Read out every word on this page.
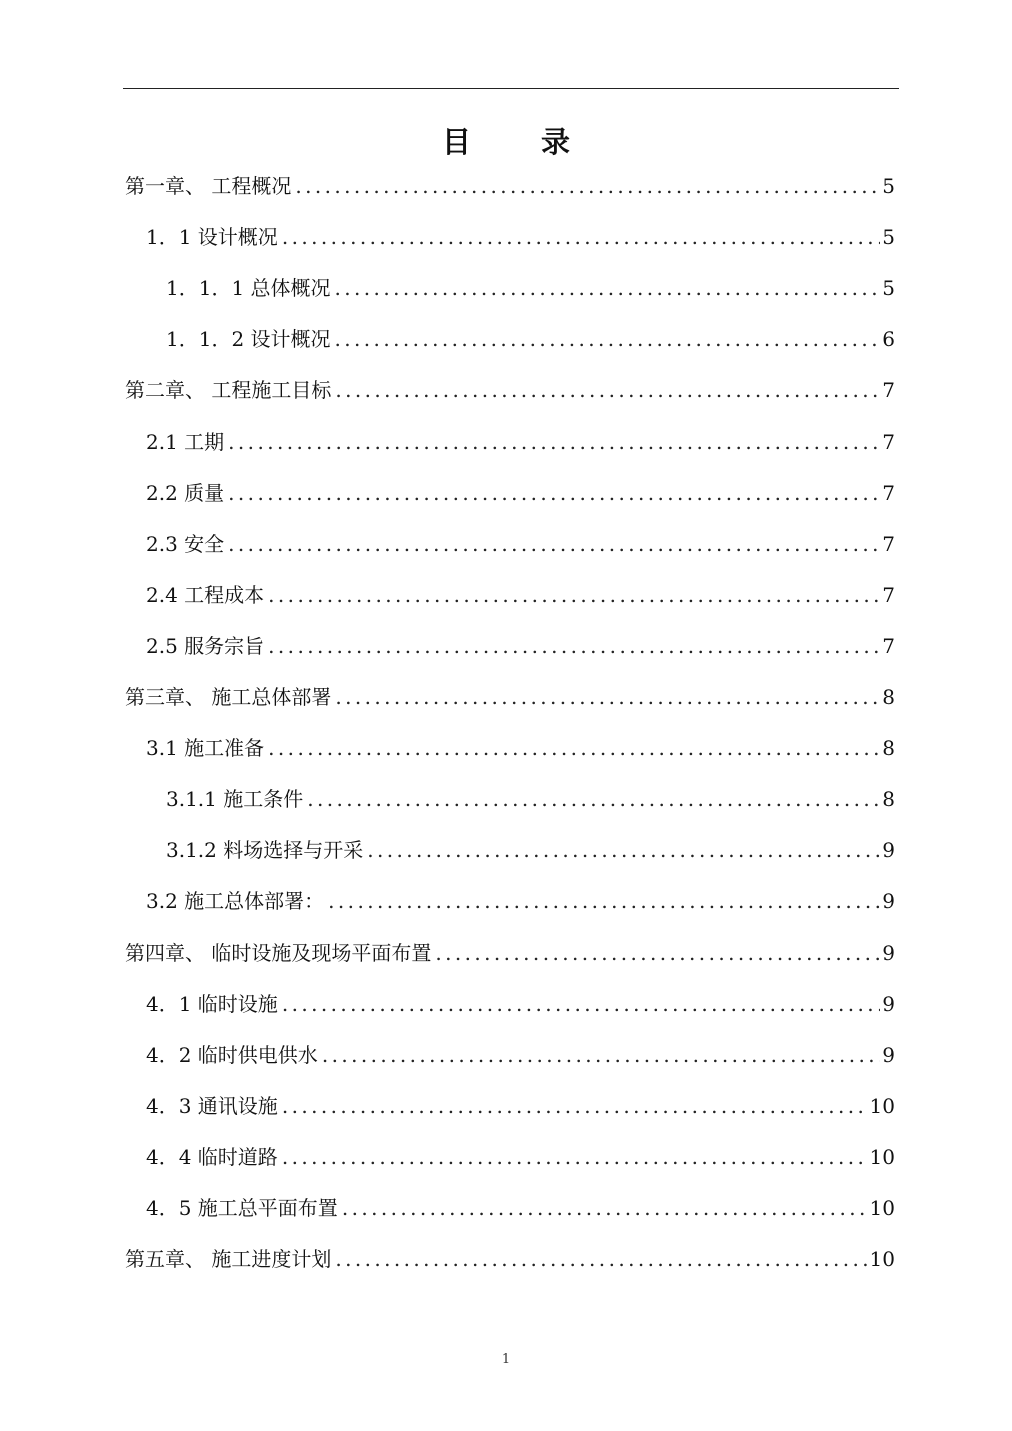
目 录
第一章、 工程概况 .....	5
1．1 设计概况 .....	5
1．1．1 总体概况 .....	5
1．1．2 设计概况 .....	6
第二章、 工程施工目标 .....	7
2.1 工期 .....	7
2.2 质量 .....	7
2.3 安全 .....	7
2.4 工程成本 .....	7
2.5 服务宗旨 .....	7
第三章、 施工总体部署 .....	8
3.1 施工准备 .....	8
3.1.1 施工条件 .....	8
3.1.2 料场选择与开采 .....	9
3.2 施工总体部署： .....	9
第四章、 临时设施及现场平面布置 .....	9
4．1 临时设施 .....	9
4．2 临时供电供水 .....	9
4．3 通讯设施 .....	10
4．4 临时道路 .....	10
4．5 施工总平面布置 .....	10
第五章、 施工进度计划 .....	10
1
